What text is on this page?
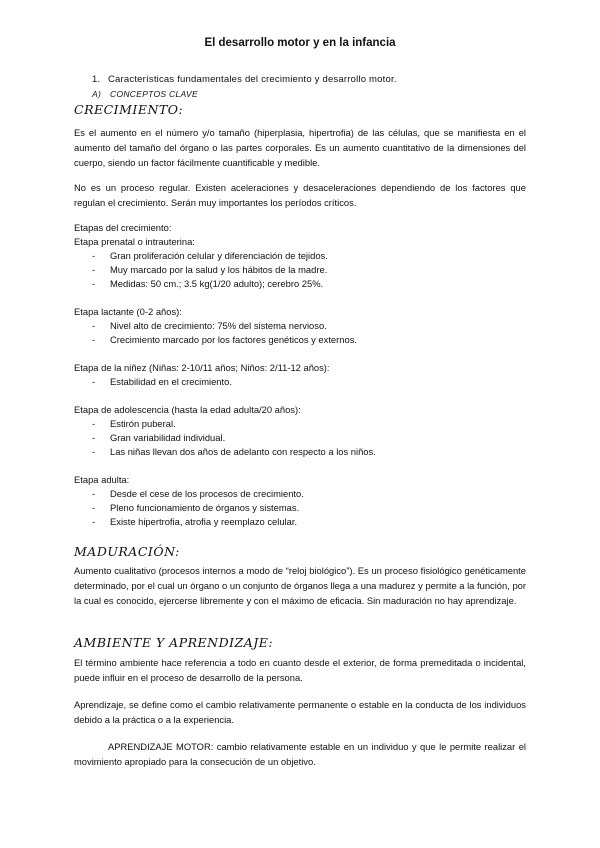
El desarrollo motor y en la infancia
1. Características fundamentales del crecimiento y desarrollo motor.
A) CONCEPTOS CLAVE
CRECIMIENTO:
Es el aumento en el número y/o tamaño (hiperplasia, hipertrofia) de las células, que se manifiesta en el aumento del tamaño del órgano o las partes corporales. Es un aumento cuantitativo de la dimensiones del cuerpo, siendo un factor fácilmente cuantificable y medible.
No es un proceso regular. Existen aceleraciones y desaceleraciones dependiendo de los factores que regulan el crecimiento. Serán muy importantes los períodos críticos.
Etapas del crecimiento:
Etapa prenatal o intrauterina:
- Gran proliferación celular y diferenciación de tejidos.
- Muy marcado por la salud y los hábitos de la madre.
- Medidas: 50 cm.; 3.5 kg(1/20 adulto); cerebro 25%.
Etapa lactante (0-2 años):
- Nivel alto de crecimiento: 75% del sistema nervioso.
- Crecimiento marcado por los factores genéticos y externos.
Etapa de la niñez (Niñas: 2-10/11 años; Niños: 2/11-12 años):
- Estabilidad en el crecimiento.
Etapa de adolescencia (hasta la edad adulta/20 años):
- Estirón puberal.
- Gran variabilidad individual.
- Las niñas llevan dos años de adelanto con respecto a los niños.
Etapa adulta:
- Desde el cese de los procesos de crecimiento.
- Pleno funcionamiento de órganos y sistemas.
- Existe hipertrofia, atrofia y reemplazo celular.
MADURACIÓN:
Aumento cualitativo (procesos internos a modo de “reloj biológico”). Es un proceso fisiológico genéticamente determinado, por el cual un órgano o un conjunto de órganos llega a una madurez y permite a la función, por la cual es conocido, ejercerse libremente y con el máximo de eficacia. Sin maduración no hay aprendizaje.
AMBIENTE Y APRENDIZAJE:
El término ambiente hace referencia a todo en cuanto desde el exterior, de forma premeditada o incidental, puede influir en el proceso de desarrollo de la persona.
Aprendizaje, se define como el cambio relativamente permanente o estable en la conducta de los individuos debido a la práctica o a la experiencia.
APRENDIZAJE MOTOR: cambio relativamente estable en un individuo y que le permite realizar el movimiento apropiado para la consecución de un objetivo.
